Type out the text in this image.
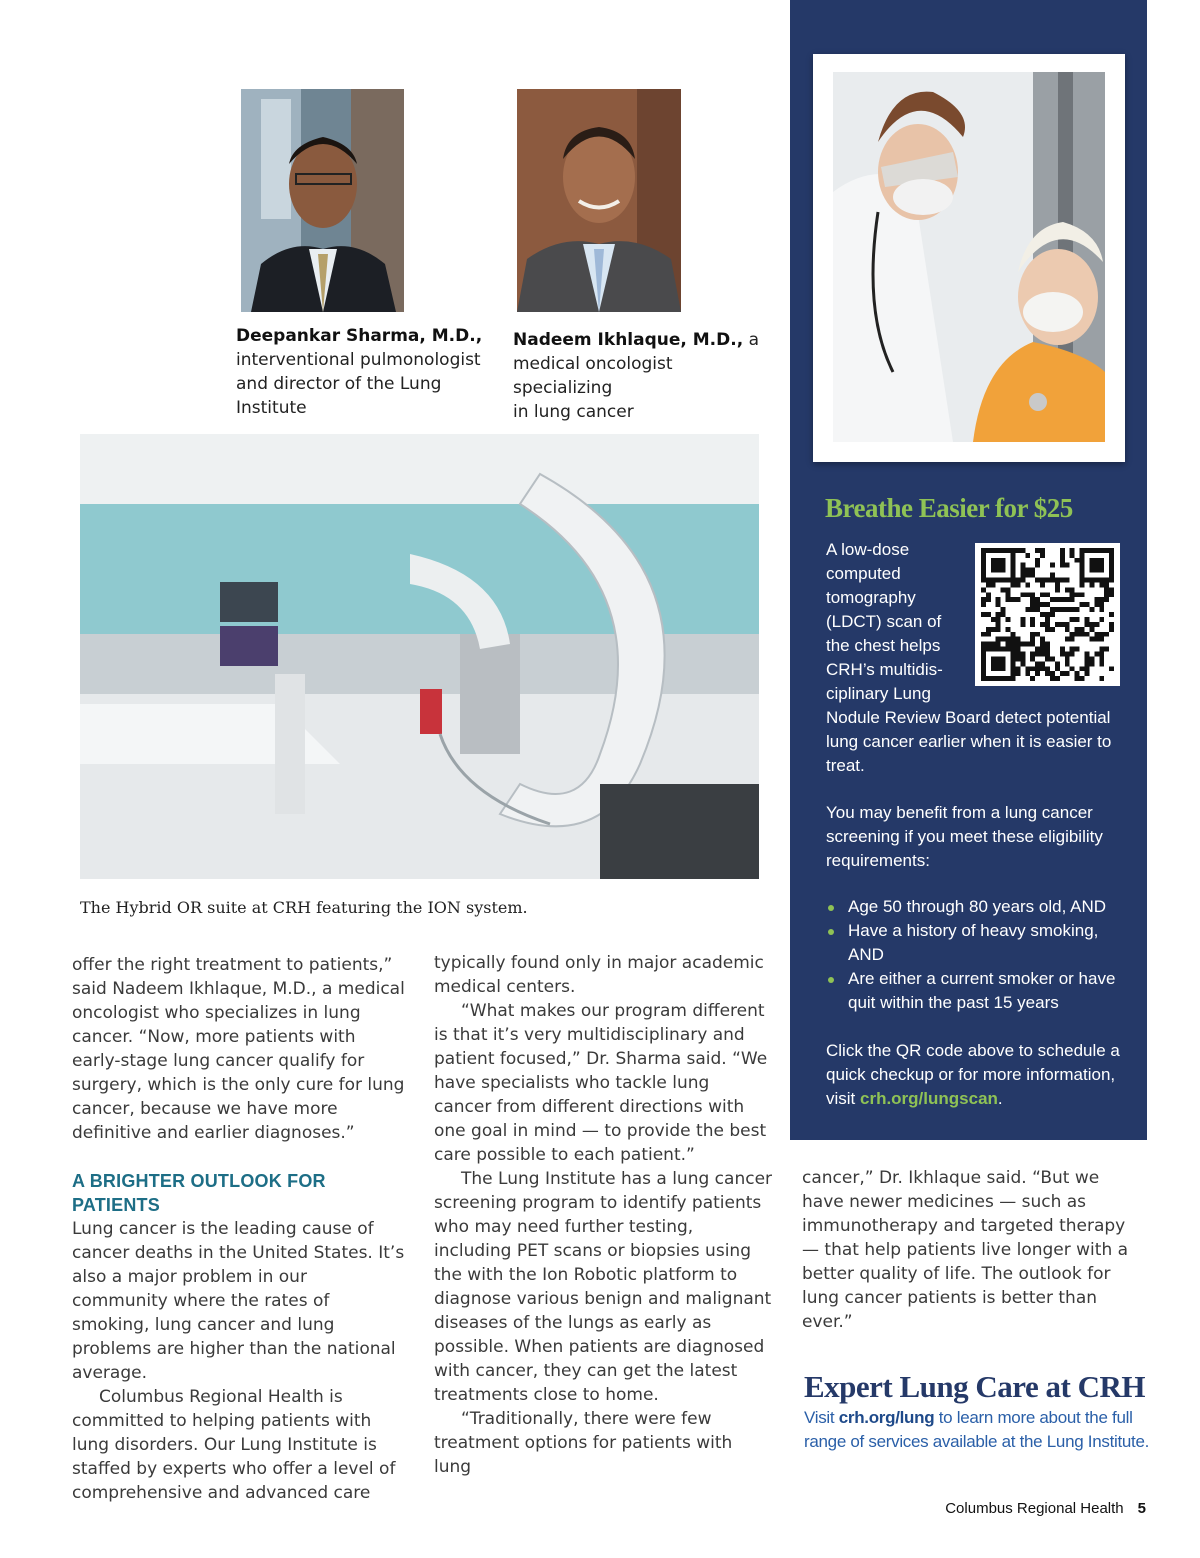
Deepankar Sharma, M.D.,
interventional pulmonologist
and director of the Lung Institute
Nadeem Ikhlaque, M.D., a
medical oncologist specializing
in lung cancer
The Hybrid OR suite at CRH featuring the ION system.

offer the right treatment to patients,” said Nadeem Ikhlaque, M.D., a medical oncologist who specializes in lung cancer. “Now, more patients with early-stage lung cancer qualify for surgery, which is the only cure for lung cancer, because we have more definitive and earlier diagnoses.”

A BRIGHTER OUTLOOK FOR PATIENTS

Lung cancer is the leading cause of cancer deaths in the United States. It’s also a major problem in our community where the rates of smoking, lung cancer and lung problems are higher than the national average.

Columbus Regional Health is committed to helping patients with lung disorders. Our Lung Institute is staffed by experts who offer a level of comprehensive and advanced care

typically found only in major academic medical centers.

“What makes our program different is that it’s very multidisciplinary and patient focused,” Dr. Sharma said. “We have specialists who tackle lung cancer from different directions with one goal in mind — to provide the best care possible to each patient.”

The Lung Institute has a lung cancer screening program to identify patients who may need further testing, including PET scans or biopsies using the with the Ion Robotic platform to diagnose various benign and malignant diseases of the lungs as early as possible. When patients are diagnosed with cancer, they can get the latest treatments close to home.

“Traditionally, there were few treatment options for patients with lung

cancer,” Dr. Ikhlaque said. “But we have newer medicines — such as immunotherapy and targeted therapy — that help patients live longer with a better quality of life. The outlook for lung cancer patients is better than ever.”

Breathe Easier for $25
A low-dose computed tomography (LDCT) scan of the chest helps CRH’s multidis-ciplinary Lung
Nodule Review Board detect potential lung cancer earlier when it is easier to treat.
You may benefit from a lung cancer screening if you meet these eligibility requirements:
Age 50 through 80 years old, AND
Have a history of heavy smoking, AND
Are either a current smoker or have quit within the past 15 years
Click the QR code above to schedule a quick checkup or for more information, visit crh.org/lungscan.
Expert Lung Care at CRH
Visit crh.org/lung to learn more about the full range of services available at the Lung Institute.
Columbus Regional Health 5
